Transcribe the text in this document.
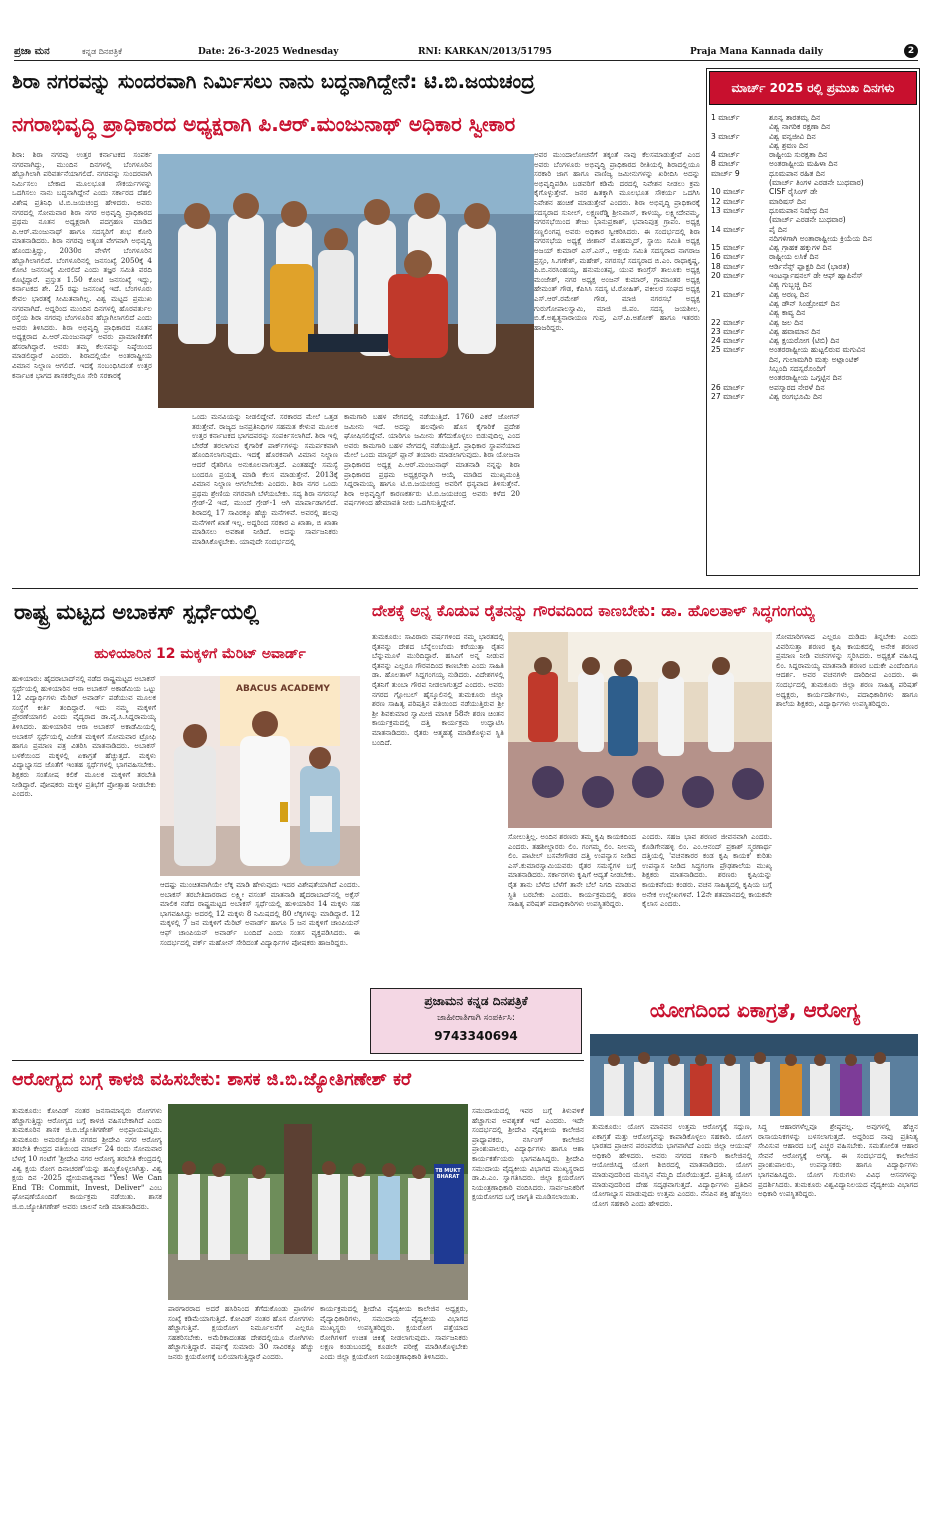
ಪ್ರಜಾ ಮನ	ಕನ್ನಡ ದಿನಪತ್ರಿಕೆ	Date: 26-3-2025 Wednesday	RNI: KARKAN/2013/51795	Praja Mana Kannada daily	2
ಶಿರಾ ನಗರವನ್ನು ಸುಂದರವಾಗಿ ನಿರ್ಮಿಸಲು ನಾನು ಬದ್ಧನಾಗಿದ್ದೇನೆ: ಟಿ.ಬಿ.ಜಯಚಂದ್ರ
ನಗರಾಭಿವೃದ್ಧಿ ಪ್ರಾಧಿಕಾರದ ಅಧ್ಯಕ್ಷರಾಗಿ ಪಿ.ಆರ್.ಮಂಜುನಾಥ್ ಅಧಿಕಾರ ಸ್ವೀಕಾರ
ಶಿರಾ: ಶಿರಾ ನಗರವು ಉತ್ತರ ಕರ್ನಾಟಕದ ಸಂಪರ್ಕ ನಗರವಾಗಿದ್ದು, ಮುಂದಿನ ದಿನಗಳಲ್ಲಿ ಬೆಂಗಳೂರಿನ ಹೆಬ್ಬಾಗಿಲಾಗಿ ಪರಿವರ್ತನೆಯಾಗಲಿದೆ. ನಗರವನ್ನು ಸುಂದರವಾಗಿ ನಿರ್ಮಿಸಲು ಬೇಕಾದ ಮೂಲಭೂತ ಸೌಕರ್ಯಗಳನ್ನು ಒದಗಿಸಲು ನಾನು ಬದ್ಧನಾಗಿದ್ದೇನೆ ಎಂದು ಸರ್ಕಾರದ ದೆಹಲಿ ವಿಶೇಷ ಪ್ರತಿನಿಧಿ ಟಿ.ಬಿ.ಜಯಚಂದ್ರ ಹೇಳಿದರು. ಅವರು ನಗರದಲ್ಲಿ ಸೋಮವಾರ ಶಿರಾ ನಗರ ಅಭಿವೃದ್ಧಿ ಪ್ರಾಧಿಕಾರದ ಪ್ರಥಮ ನೂತನ ಅಧ್ಯಕ್ಷರಾಗಿ ಪದಗ್ರಹಣ ಮಾಡಿದ ಪಿ.ಆರ್.ಮಂಜುನಾಥ್ ಹಾಗೂ ಸದಸ್ಯರಿಗೆ ಶುಭ ಕೋರಿ ಮಾತನಾಡಿದರು. ಶಿರಾ ನಗರವು ಅತ್ಯಂತ ವೇಗವಾಗಿ ಅಭಿವೃದ್ಧಿ ಹೊಂದುತ್ತಿದ್ದು, 2030ರ ವೇಳೆಗೆ ಬೆಂಗಳೂರಿನ ಹೆಬ್ಬಾಗಿಲಾಗಲಿದೆ. ಬೆಂಗಳೂರಿನಲ್ಲಿ ಜನಸಂಖ್ಯೆ 2050ಕ್ಕೆ 4 ಕೋಟಿ ಜನಸಂಖ್ಯೆ ಮೀರಲಿದೆ ಎಂದು ತಜ್ಞರ ಸಮಿತಿ ವರದಿ ಕೊಟ್ಟಿದ್ದಾರೆ. ಪ್ರಸ್ತುತ 1.50 ಕೋಟಿ ಜನಸಂಖ್ಯೆ ಇದ್ದು, ಕರ್ನಾಟಕದ ಶೇ. 25 ರಷ್ಟು ಜನಸಂಖ್ಯೆ ಇದೆ. ಬೆಂಗಳೂರು ಕೇವಲ ಭಾರತಕ್ಕೆ ಸೀಮಿತವಾಗಿಲ್ಲ. ವಿಶ್ವ ಮಟ್ಟದ ಪ್ರಮುಖ ನಗರವಾಗಿದೆ. ಅದ್ದರಿಂದ ಮುಂದಿನ ದಿನಗಳಲ್ಲಿ ಹೊರವರ್ತುಲ ರಸ್ತೆಯ ಶಿರಾ ನಗರವು ಬೆಂಗಳೂರಿನ ಹೆಬ್ಬಾಗಿಲಾಗಲಿದೆ ಎಂದು ಅವರು ತಿಳಿಸಿದರು. ಶಿರಾ ಅಭಿವೃದ್ಧಿ ಪ್ರಾಧಿಕಾರದ ನೂತನ ಅಧ್ಯಕ್ಷರಾದ ಪಿ.ಆರ್.ಮಂಜುನಾಥ್ ಅವರು ಪ್ರಾಮಾಣಿಕತೆಗೆ ಹೆಸರಾಗಿದ್ದಾರೆ. ಅವರು ತಮ್ಮ ಕೆಲಸವನ್ನು ನಿಷ್ಠೆಯಿಂದ ಮಾಡಲಿದ್ದಾರೆ ಎಂದರು. ಶಿರಾದಲ್ಲಿಯೇ ಅಂತರಾಷ್ಟ್ರೀಯ ವಿಮಾನ ನಿಲ್ದಾಣ ಆಗಲಿದೆ. ಇದಕ್ಕೆ ಸಂಬಂಧಿಸಿದಂತೆ ಉತ್ತರ ಕರ್ನಾಟಕ ಭಾಗದ ಶಾಸಕರೆಲ್ಲರೂ ಸೇರಿ ಸರಕಾರಕ್ಕೆ
ಒಂದು ಮನವಿಯನ್ನು ನೀಡಲಿದ್ದೇವೆ. ಸರಕಾರದ ಮೇಲೆ ಒತ್ತಡ ತರುತ್ತೇವೆ. ರಾಜ್ಯದ ಜನಪ್ರತಿನಿಧಿಗಳ ಸಹಮತ ಕೇಳುವ ಮೂಲಕ ಉತ್ತರ ಕರ್ನಾಟಕದ ಭಾಗದವರನ್ನು ಸಂಪರ್ಕಿಸಲಾಗಿದೆ. ಶಿರಾ ಇಲ್ಲಿ ಬೇರೆಡೆ ತರಲಾಗುವ ಕೈಗಾರಿಕೆ ಪಾರ್ಕ್‌ಗಳನ್ನು ಸಮರ್ಪಕವಾಗಿ ಹೊಂದಿಸಲಾಗುವುದು. ಇದಕ್ಕೆ ಹೊರಕನಾಗಿ ವಿಮಾನ ನಿಲ್ದಾಣ ಆದರೆ ರೈತರಿಗೂ ಅನುಕೂಲವಾಗುತ್ತದೆ. ಎಂತಹದ್ದೇ ಸಮಸ್ಯೆ ಬಂದರೂ ಪ್ರಯತ್ನ ಮಾಡಿ ಕೆಲಸ ಮಾಡುತ್ತೇನೆ. 2013ಕ್ಕೆ ವಿಮಾನ ನಿಲ್ದಾಣ ಆಗಲೇಬೇಕು ಎಂದರು. ಶಿರಾ ನಗರ ಒಂದು ಪ್ರಥಮ ಶ್ರೇಣಿಯ ನಗರವಾಗಿ ಬೆಳೆಯಬೇಕು. ಸದ್ಯ ಶಿರಾ ನಗರಸಭೆ ಗ್ರೇಡ್-2 ಇದೆ, ಮುಂದೆ ಗ್ರೇಡ್-1 ಆಗಿ ಮಾರ್ಪಾಡಾಗಲಿದೆ. ಶಿರಾದಲ್ಲಿ 17 ಸಾವಿರಕ್ಕೂ ಹೆಚ್ಚು ಮನೆಗಳಿವೆ. ಅವರಲ್ಲಿ ಹಲವು ಮನೆಗಳಿಗೆ ಖಾತೆ ಇಲ್ಲ. ಅದ್ದರಿಂದ ಸರಕಾರ ಎ ಖಾತಾ, ಬಿ ಖಾತಾ ಮಾಡಿಸಲು ಅವಕಾಶ ನೀಡಿದೆ. ಅದನ್ನು ಸಾರ್ವಜನಿಕರು ಮಾಡಿಸಿಕೊಳ್ಳಬೇಕು. ಯಾವುದೇ ಸಂದರ್ಭದಲ್ಲಿ
ಕಾಮಗಾರಿ ಬಹಳ ವೇಗದಲ್ಲಿ ನಡೆಯುತ್ತಿದೆ. 1760 ಎಕರೆ ಜೋಗನ್ ಜಮೀನು ಇದೆ. ಅದನ್ನು ಹಲವೊಳು ಹೊಸ ಕೈಗಾರಿಕೆ ಪ್ರದೇಶ ಘೋಷಿಸಲಿದ್ದೇವೆ. ಯಾರಿಗೂ ಜಮೀನು ತೆಗೆದುಕೊಳ್ಳಲು ಬಿಡುವುದಿಲ್ಲ ಎಂದ ಅವರು ಕಾಮಗಾರಿ ಬಹಳ ವೇಗದಲ್ಲಿ ನಡೆಯುತ್ತಿದೆ. ಪ್ರಾಧಿಕಾರ ಸ್ಥಾಪನೆಯಾದ ಮೇಲೆ ಒಂದು ಮಾಸ್ಟರ್ ಪ್ಲಾನ್ ತಯಾರು ಮಾಡಲಾಗುವುದು. ಶಿರಾ ಯೋಜನಾ ಪ್ರಾಧಿಕಾರದ ಅಧ್ಯಕ್ಷ ಪಿ.ಆರ್.ಮಂಜುನಾಥ್ ಮಾತನಾಡಿ ನನ್ನನ್ನು ಶಿರಾ ಪ್ರಾಧಿಕಾರದ ಪ್ರಥಮ ಅಧ್ಯಕ್ಷರನ್ನಾಗಿ ಆಯ್ಕೆ ಮಾಡಿದ ಮುಖ್ಯಮಂತ್ರಿ ಸಿದ್ದರಾಮಯ್ಯ ಹಾಗೂ ಟಿ.ಬಿ.ಜಯಚಂದ್ರ ಅವರಿಗೆ ಧನ್ಯವಾದ ತಿಳಿಸುತ್ತೇನೆ. ಶಿರಾ ಅಭಿವೃದ್ಧಿಗೆ ಕಾರಣಕರ್ತರು ಟಿ.ಬಿ.ಜಯಚಂದ್ರ ಅವರು ಕಳೆದ 20 ವರ್ಷಗಳಿಂದ ಹೇಮಾವತಿ ನೀರು ಒದಗಿಸುತ್ತಿದ್ದೇವೆ.
ಅವರ ಮುಂದಾಲೋಚನೆಗೆ ತಕ್ಕಂತೆ ನಾವು ಕೆಲಸಮಾಡುತ್ತೇವೆ ಎಂದ ಅವರು ಬೆಂಗಳೂರು ಅಭಿವೃದ್ಧಿ ಪ್ರಾಧಿಕಾರದ ರೀತಿಯಲ್ಲಿ ಶಿರಾದಲ್ಲಿಯೂ ಸರಕಾರಿ ಜಾಗ ಹಾಗೂ ವಾಣಿಜ್ಯ ಜಮೀನುಗಳನ್ನು ಖರೀದಿಸಿ ಅದನ್ನು ಅಭಿವೃದ್ಧಿಪಡಿಸಿ ಬಡವರಿಗೆ ಕಡಿಮೆ ದರದಲ್ಲಿ ನಿವೇಶನ ನೀಡಲು ಕ್ರಮ ಕೈಗೊಳ್ಳುತ್ತೇವೆ. ಜನರ ಹಿತಕ್ಕಾಗಿ ಮೂಲಭೂತ ಸೌಕರ್ಯ ಒದಗಿಸಿ ನಿವೇಶನ ಹಂಚಿಕೆ ಮಾಡುತ್ತೇವೆ ಎಂದರು. ಶಿರಾ ಅಭಿವೃದ್ಧಿ ಪ್ರಾಧಿಕಾರಕ್ಕೆ ಸದಸ್ಯರಾದ ಸುನೀಲ್, ಲಕ್ಷ್ಮಣರೆಡ್ಡಿ ಶ್ರೀನಿವಾಸ್, ಕಾಳಯ್ಯ, ಲಕ್ಷ್ಮೀದೇವಮ್ಮ, ನಗರಸಭೆಯಿಂದ ತೇಜು ಭಾನುಪ್ರಕಾಶ್, ಭವಾನಿಪುತ್ರ ಗ್ರಾಪಂ. ಅಧ್ಯಕ್ಷ ಸಣ್ಣಲಿಂಗಪ್ಪ ಅವರು ಅಧಿಕಾರ ಸ್ವೀಕರಿಸಿದರು. ಈ ಸಂದರ್ಭದಲ್ಲಿ ಶಿರಾ ನಗರಸಭೆಯ ಅಧ್ಯಕ್ಷೆ ಜೀಶಾನ್ ಮೊಹಮ್ಮದ್, ಸ್ಥಾಯಿ ಸಮಿತಿ ಅಧ್ಯಕ್ಷ ಅಜಯ್ ಕುಮಾರ್ ಎಸ್.ಎಸ್., ಆಶ್ರಯ ಸಮಿತಿ ಸದಸ್ಯರಾದ ನಾಗರಾಜ ಪ್ರಸ್ಸಂ, ಸಿ.ಗಣೇಶ್, ಮಹೇಶ್, ನಗರಸಭೆ ಸದಸ್ಯರಾದ ಬಿ.ಎಂ. ರಾಧಾಕೃಷ್ಣ, ಪಿ.ಬಿ.ನರಸಿಂಹಯ್ಯ, ಹನುಮಂತಪ್ಪ, ಯುವ ಕಾಂಗ್ರೆಸ್ ತಾಲೂಕು ಅಧ್ಯಕ್ಷ ಮಂಜೇಶ್, ನಗರ ಅಧ್ಯಕ್ಷ ಅಂಜನ್ ಕುಮಾರ್, ಗ್ರಾಮಾಂತರ ಅಧ್ಯಕ್ಷ ಹೇಮಂತ್ ಗೌಡ, ಕೆಪಿಸಿಸಿ ಸದಸ್ಯ ಟಿ.ರೋಹಿತ್, ವಕೀಲರ ಸಂಘದ ಅಧ್ಯಕ್ಷ ಎಸ್.ಆರ್.ರಮೇಶ್ ಗೌಡ, ಮಾಜಿ ನಗರಸಭೆ ಅಧ್ಯಕ್ಷ ಗುರುಗೋಪಾಲಸ್ವಾಮಿ, ಮಾಜಿ ಜಿ.ಪಂ. ಸದಸ್ಯ ಜಯಶೀಲ, ಬಿ.ಕೆ.ಅಶ್ವತ್ಥನಾರಾಯಣ ಗುಪ್ತ, ಎಸ್.ಪಿ.ಅಶೋಕ್ ಹಾಗೂ ಇತರರು ಹಾಜರಿದ್ದರು.
ಮಾರ್ಚ್ 2025 ರಲ್ಲಿ ಪ್ರಮುಖ ದಿನಗಳು
1 ಮಾರ್ಚ್	ಶೂನ್ಯ ತಾರತಮ್ಯ ದಿನ
ವಿಶ್ವ ನಾಗರಿಕ ರಕ್ಷಣಾ ದಿನ
3 ಮಾರ್ಚ್	ವಿಶ್ವ ವನ್ಯಜೀವಿ ದಿನ
ವಿಶ್ವ ಶ್ರವಣ ದಿನ
4 ಮಾರ್ಚ್	ರಾಷ್ಟ್ರೀಯ ಸುರಕ್ಷತಾ ದಿನ
8 ಮಾರ್ಚ್	ಅಂತರಾಷ್ಟ್ರೀಯ ಮಹಿಳಾ ದಿನ
ಮಾರ್ಚ್ 9	ಧೂಮಪಾನ ರಹಿತ ದಿನ
(ಮಾರ್ಚ್ ತಿಂಗಳ ಎರಡನೇ ಬುಧವಾರ)
10 ಮಾರ್ಚ್	CISF ರೈಸಿಂಗ್ ಡೇ
12 ಮಾರ್ಚ್	ಮಾರಿಷಸ್ ದಿನ
13 ಮಾರ್ಚ್	ಧೂಮಪಾನ ನಿಷೇಧ ದಿನ
(ಮಾರ್ಚ್ ಎರಡನೇ ಬುಧವಾರ)
14 ಮಾರ್ಚ್	ಪೈ ದಿನ
ನದಿಗಳಿಗಾಗಿ ಅಂತಾರಾಷ್ಟ್ರೀಯ ಕ್ರಿಯೆಯ ದಿನ
15 ಮಾರ್ಚ್	ವಿಶ್ವ ಗ್ರಾಹಕ ಹಕ್ಕುಗಳ ದಿನ
16 ಮಾರ್ಚ್	ರಾಷ್ಟ್ರೀಯ ಲಸಿಕೆ ದಿನ
18 ಮಾರ್ಚ್	ಆರ್ಡಿನೆನ್ಸ್ ಫ್ಯಾಕ್ಟರಿ ದಿನ (ಭಾರತ)
20 ಮಾರ್ಚ್	ಇಂಟರ್ನ್ಯಾಷನಲ್ ಡೇ ಆಫ್ ಹ್ಯಾಪಿನೆಸ್
ವಿಶ್ವ ಗುಬ್ಬಚ್ಚಿ ದಿನ
21 ಮಾರ್ಚ್	ವಿಶ್ವ ಅರಣ್ಯ ದಿನ
ವಿಶ್ವ ಡೌನ್ ಸಿಂಡ್ರೋಮ್ ದಿನ
ವಿಶ್ವ ಕಾವ್ಯ ದಿನ
22 ಮಾರ್ಚ್	ವಿಶ್ವ ಜಲ ದಿನ
23 ಮಾರ್ಚ್	ವಿಶ್ವ ಹವಾಮಾನ ದಿನ
24 ಮಾರ್ಚ್	ವಿಶ್ವ ಕ್ಷಯರೋಗ (ಟಿಬಿ) ದಿನ
25 ಮಾರ್ಚ್	ಅಂತರರಾಷ್ಟ್ರೀಯ ಹುಟ್ಟಲಿರುವ ಮಗುವಿನ
ದಿನ, ಗುಲಾಮಗಿರಿ ಮತ್ತು ಅಟ್ಲಾಂಟಿಕ್
ಸಿಬ್ಬಂದಿ ಸದಸ್ಯರೊಂದಿಗೆ
ಅಂತರರಾಷ್ಟ್ರೀಯ ಒಗ್ಗಟ್ಟಿನ ದಿನ
26 ಮಾರ್ಚ್	ಅಪಸ್ಮಾರದ ನೇರಳೆ ದಿನ
27 ಮಾರ್ಚ್	ವಿಶ್ವ ರಂಗಭೂಮಿ ದಿನ
ರಾಷ್ಟ್ರ ಮಟ್ಟದ ಅಬಾಕಸ್ ಸ್ಪರ್ಧೆಯಲ್ಲಿ
ಹುಳಿಯಾರಿನ 12 ಮಕ್ಕಳಿಗೆ ಮೆರಿಟ್ ಅವಾರ್ಡ್
ಹುಳಿಯಾರು: ಹೈದರಾಬಾದ್‌ನಲ್ಲಿ ನಡೆದ ರಾಷ್ಟ್ರಮಟ್ಟದ ಅಬಾಕಸ್ ಸ್ಪರ್ಧೆಯಲ್ಲಿ ಹುಳಿಯಾರಿನ ಆರಾ ಅಬಾಕಸ್ ಅಕಾಡೆಮಿಯ ಒಟ್ಟು 12 ವಿದ್ಯಾರ್ಥಿಗಳು ಮೆರಿಟ್ ಅವಾರ್ಡ್ ಪಡೆಯುವ ಮೂಲಕ ಸಂಸ್ಥೆಗೆ ಕೀರ್ತಿ ತಂದಿದ್ದಾರೆ. ಇದು ನಮ್ಮ ಮಕ್ಕಳಿಗೆ ಪ್ರೇರಣೆಯಾಗಲಿ ಎಂದು ವೈದ್ಯರಾದ ಡಾ.ವೈ.ಸಿ.ಸಿದ್ದರಾಮಯ್ಯ ತಿಳಿಸಿದರು. ಹುಳಿಯಾರಿನ ಆರಾ ಅಬಾಕಸ್ ಅಕಾಡೆಮಿಯಲ್ಲಿ ಅಬಾಕಸ್ ಸ್ಪರ್ಧೆಯಲ್ಲಿ ವಿಜೇತ ಮಕ್ಕಳಿಗೆ ಸೋಮವಾರ ಟ್ರೋಫಿ ಹಾಗೂ ಪ್ರಮಾಣ ಪತ್ರ ವಿತರಿಸಿ ಮಾತನಾಡಿದರು. ಅಬಾಕಸ್ ಬಳಕೆಯಿಂದ ಮಕ್ಕಳಲ್ಲಿ ಏಕಾಗ್ರತೆ ಹೆಚ್ಚುತ್ತದೆ. ಮಕ್ಕಳು ವಿದ್ಯಾಭ್ಯಾಸದ ಜೊತೆಗೆ ಇಂತಹ ಸ್ಪರ್ಧೆಗಳಲ್ಲಿ ಭಾಗವಹಿಸಬೇಕು. ಶಿಕ್ಷಕರು ಸಂತೋಷ ಕಲಿಕೆ ಮೂಲಕ ಮಕ್ಕಳಿಗೆ ತರಬೇತಿ ನೀಡಿದ್ದಾರೆ. ಪೋಷಕರು ಮಕ್ಕಳ ಪ್ರತಿಭೆಗೆ ಪ್ರೋತ್ಸಾಹ ನೀಡಬೇಕು ಎಂದರು.
ABACUS ACADEMY
ಆದಷ್ಟು ಮುಂಚಿತವಾಗಿಯೇ ಲೆಕ್ಕ ಮಾಡಿ ಹೇಳುವುದು ಇದರ ವಿಶೇಷತೆಯಾಗಿದೆ ಎಂದರು. ಅಬಾಕಸ್ ತರಬೇತಿದಾರರಾದ ಲಕ್ಷ್ಮೀ ವಸಂತ್ ಮಾತನಾಡಿ ಹೈದರಾಬಾದ್‌ನಲ್ಲಿ ಅಕ್ಸೆಸ್ ಮಾಲಿಕ ನಡೆದ ರಾಷ್ಟ್ರಮಟ್ಟದ ಅಬಾಕಸ್ ಸ್ಪರ್ಧೆಯಲ್ಲಿ ಹುಳಿಯಾರಿನ 14 ಮಕ್ಕಳು ಸಹ ಭಾಗವಹಿಸಿದ್ದು ಅದರಲ್ಲಿ 12 ಮಕ್ಕಳು 8 ನಿಮಿಷದಲ್ಲಿ 80 ಲೆಕ್ಕಗಳನ್ನು ಮಾಡಿದ್ದಾರೆ. 12 ಮಕ್ಕಳಲ್ಲಿ 7 ಜನ ಮಕ್ಕಳಿಗೆ ಮೆರಿಟ್ ಅವಾರ್ಡ್ ಹಾಗೂ 5 ಜನ ಮಕ್ಕಳಿಗೆ ಚಾಂಪಿಯನ್ ಆಫ್ ಚಾಂಪಿಯನ್ ಅವಾರ್ಡ್ ಬಂದಿದೆ ಎಂದು ಸಂತಸ ವ್ಯಕ್ತಪಡಿಸಿದರು. ಈ ಸಂದರ್ಭದಲ್ಲಿ ವರ್ಕ್ ಮಹೋನ್ ಸೇರಿದಂತೆ ವಿದ್ಯಾರ್ಥಿಗಳ ಪೋಷಕರು ಹಾಜರಿದ್ದರು.
ದೇಶಕ್ಕೆ ಅನ್ನ ಕೊಡುವ ರೈತನನ್ನು ಗೌರವದಿಂದ ಕಾಣಬೇಕು: ಡಾ. ಹೊಲತಾಳ್ ಸಿದ್ಧಗಂಗಯ್ಯ
ತುಮಕೂರು: ಸಾವಿರಾರು ವರ್ಷಗಳಿಂದ ನಮ್ಮ ಭಾರತದಲ್ಲಿ ರೈತನನ್ನು ದೇಶದ ಬೆನ್ನೆಲುಬೆಂದು ಕರೆಯುತ್ತಾ ರೈತನ ಬೆನ್ನುಮೂಳೆ ಮುರಿದಿದ್ದಾರೆ. ಹಸಿವಿಗೆ ಅನ್ನ ನೀಡುವ ರೈತನನ್ನು ಎಲ್ಲರೂ ಗೌರವದಿಂದ ಕಾಣಬೇಕು ಎಂದು ಸಾಹಿತಿ ಡಾ. ಹೊಲತಾಳ್ ಸಿದ್ದಗಂಗಯ್ಯ ನುಡಿದರು. ವಿದೇಶಗಳಲ್ಲಿ ರೈತನಿಗೆ ತುಂಬಾ ಗೌರವ ನೀಡಲಾಗುತ್ತದೆ ಎಂದರು. ಅವರು ನಗರದ ಗ್ಲೋಬಲ್ ಹೈಸ್ಕೂಲಿನಲ್ಲಿ ತುಮಕೂರು ಜಿಲ್ಲಾ ಶರಣ ಸಾಹಿತ್ಯ ಪರಿಷತ್ತಿನ ವತಿಯಿಂದ ನಡೆಯುತ್ತಿರುವ ಶ್ರೀ ಶ್ರೀ ಶಿವಕುಮಾರ ಸ್ವಾಮೀಜಿ ಮಾಸಿಕ 58ನೇ ಶರಣ ಚಿಂತನ ಕಾರ್ಯಕ್ರಮದಲ್ಲಿ ದತ್ತಿ ಕಾರ್ಯಕ್ರಮ ಉದ್ಘಾಟಿಸಿ ಮಾತನಾಡಿದರು. ರೈತರು ಆತ್ಮಹತ್ಯೆ ಮಾಡಿಕೊಳ್ಳುವ ಸ್ಥಿತಿ ಬಂದಿದೆ.
ಸೋಮಾರಿಗಳಾದ ಎಲ್ಲರೂ ದುಡಿದು ತಿನ್ನಬೇಕು ಎಂದು ವಿವರಿಸುತ್ತಾ ಶರಣರ ಕೃಷಿ ಕಾಯಕದಲ್ಲಿ ಅನೇಕ ಶರಣರ ಪ್ರಮಾಣ ನೀಡಿ ವಚನಗಳನ್ನು ಸ್ಮರಿಸಿದರು. ಅಧ್ಯಕ್ಷತೆ ವಹಿಸಿದ್ದ ಲಿಂ. ಸಿದ್ದರಾಮಯ್ಯ ಮಾತನಾಡಿ ಶರಣರ ಬದುಕೇ ಎಂದೆಂದಿಗೂ ಆದರ್ಶ. ಅವರ ವಚನಗಳೇ ದಾರಿದೀಪ ಎಂದರು. ಈ ಸಂದರ್ಭದಲ್ಲಿ ತುಮಕೂರು ಜಿಲ್ಲಾ ಶರಣ ಸಾಹಿತ್ಯ ಪರಿಷತ್ ಅಧ್ಯಕ್ಷರು, ಕಾರ್ಯದರ್ಶಿಗಳು, ಪದಾಧಿಕಾರಿಗಳು ಹಾಗೂ ಶಾಲೆಯ ಶಿಕ್ಷಕರು, ವಿದ್ಯಾರ್ಥಿಗಳು ಉಪಸ್ಥಿತರಿದ್ದರು.
ಸೋಲುತ್ತಿಲ್ಲ. ಅಂದಿನ ಶರಣರು ತಮ್ಮ ಕೃಷಿ ಕಾಯಕದಿಂದ ಎಂದರು. ತಹಶೀಲ್ದಾರರು ಲಿಂ. ಗಂಗಮ್ಮ ಲಿಂ. ನೀಲಮ್ಮ ಲಿಂ. ಪಾಟೀಲ್ ಬಸವೇಗೌಡರ ದತ್ತಿ ಉಪನ್ಯಾಸ ನೀಡಿದ ಎಸ್.ಕುಮಾರಸ್ವಾಮಿಯವರು ರೈತರ ಸಮಸ್ಯೆಗಳ ಬಗ್ಗೆ ಮಾತನಾಡಿದರು. ಸರ್ಕಾರಗಳು ಕೃಷಿಗೆ ಆದ್ಯತೆ ನೀಡಬೇಕು. ರೈತ ತಾನು ಬೆಳೆದ ಬೆಳೆಗೆ ತಾನೇ ಬೆಲೆ ನಿಗದಿ ಮಾಡುವ ಸ್ಥಿತಿ ಬರಬೇಕು ಎಂದರು. ಕಾರ್ಯಕ್ರಮದಲ್ಲಿ ಶರಣ ಸಾಹಿತ್ಯ ಪರಿಷತ್ ಪದಾಧಿಕಾರಿಗಳು ಉಪಸ್ಥಿತರಿದ್ದರು.
ಎಂದರು. ಸಹಜ ಭಾವ ಶರಣರ ಜೀವನವಾಗಿ ಎಂದರು. ಕೊಡಿಗೇನಹಳ್ಳಿ ಲಿಂ. ಎಂ.ಆನಂದ್ ಪ್ರಕಾಶ್ ಸ್ಮರಣಾರ್ಥ ದತ್ತಿಯಲ್ಲಿ 'ವಚನಕಾರರ ಕಂಡ ಕೃಷಿ ಕಾಯಕ' ಕುರಿತು ಉಪನ್ಯಾಸ ನೀಡಿದ ಸಿದ್ಧಗಂಗಾ ಪ್ರೌಢಶಾಲೆಯ ಮುಖ್ಯ ಶಿಕ್ಷಕರು ಮಾತನಾಡಿದರು. ಶರಣರು ಕೃಷಿಯನ್ನು ಕಾಯಕವೆಂದು ಕಂಡರು. ವಚನ ಸಾಹಿತ್ಯದಲ್ಲಿ ಕೃಷಿಯ ಬಗ್ಗೆ ಅನೇಕ ಉಲ್ಲೇಖಗಳಿವೆ. 12ನೇ ಶತಮಾನದಲ್ಲಿ ಕಾಯಕವೇ ಕೈಲಾಸ ಎಂದರು.
ಪ್ರಜಾಮನ ಕನ್ನಡ ದಿನಪತ್ರಿಕೆ
ಜಾಹೀರಾತಿಗಾಗಿ ಸಂಪರ್ಕಿಸಿ:
9743340694
ಯೋಗದಿಂದ ಏಕಾಗ್ರತೆ, ಆರೋಗ್ಯ
ತುಮಕೂರು: ಯೋಗ ಮಾನವನ ಉತ್ತಮ ಆರೋಗ್ಯಕ್ಕೆ ಸದ್ಗುಣ, ಏಕಾಗ್ರತೆ ಮತ್ತು ಆರೋಗ್ಯವನ್ನು ಕಾಪಾಡಿಕೊಳ್ಳಲು ಸಹಕಾರಿ. ಯೋಗ ಭಾರತದ ಪ್ರಾಚೀನ ಪರಂಪರೆಯ ಭಾಗವಾಗಿದೆ ಎಂದು ಜಿಲ್ಲಾ ಆಯುಷ್ ಅಧಿಕಾರಿ ಹೇಳಿದರು. ಅವರು ನಗರದ ಸರ್ಕಾರಿ ಕಾಲೇಜಿನಲ್ಲಿ ಆಯೋಜಿಸಿದ್ದ ಯೋಗ ಶಿಬಿರದಲ್ಲಿ ಮಾತನಾಡಿದರು. ಯೋಗ ಮಾಡುವುದರಿಂದ ಮನಸ್ಸಿನ ನೆಮ್ಮದಿ ದೊರೆಯುತ್ತದೆ. ಪ್ರತಿನಿತ್ಯ ಯೋಗ ಮಾಡುವುದರಿಂದ ದೇಹ ಸದೃಢವಾಗುತ್ತದೆ. ವಿದ್ಯಾರ್ಥಿಗಳು ಪ್ರತಿದಿನ ಯೋಗಾಭ್ಯಾಸ ಮಾಡುವುದು ಉತ್ತಮ ಎಂದರು. ನೆನಪಿನ ಶಕ್ತಿ ಹೆಚ್ಚಿಸಲು ಯೋಗ ಸಹಕಾರಿ ಎಂದು ಹೇಳಿದರು.
ಸಿದ್ಧ ಆಹಾರಗಳೆಲ್ಲವೂ ಶ್ರೇಷ್ಠವಲ್ಲ. ಅವುಗಳಲ್ಲಿ ಹೆಚ್ಚಿನ ರಾಸಾಯನಿಕಗಳನ್ನು ಬಳಸಲಾಗುತ್ತದೆ. ಅದ್ದರಿಂದ ನಾವು ಪ್ರತಿನಿತ್ಯ ಸೇವಿಸುವ ಆಹಾರದ ಬಗ್ಗೆ ಎಚ್ಚರ ವಹಿಸಬೇಕು. ಸಮತೋಲಿತ ಆಹಾರ ಸೇವನೆ ಆರೋಗ್ಯಕ್ಕೆ ಅಗತ್ಯ. ಈ ಸಂದರ್ಭದಲ್ಲಿ ಕಾಲೇಜಿನ ಪ್ರಾಂಶುಪಾಲರು, ಉಪನ್ಯಾಸಕರು ಹಾಗೂ ವಿದ್ಯಾರ್ಥಿಗಳು ಭಾಗವಹಿಸಿದ್ದರು. ಯೋಗ ಗುರುಗಳು ವಿವಿಧ ಆಸನಗಳನ್ನು ಪ್ರದರ್ಶಿಸಿದರು. ತುಮಕೂರು ವಿಶ್ವವಿದ್ಯಾನಿಲಯದ ವೈದ್ಯಕೀಯ ವಿಭಾಗದ ಅಧಿಕಾರಿ ಉಪಸ್ಥಿತರಿದ್ದರು.
ಆರೋಗ್ಯದ ಬಗ್ಗೆ ಕಾಳಜಿ ವಹಿಸಬೇಕು: ಶಾಸಕ ಜಿ.ಬಿ.ಜ್ಯೋತಿಗಣೇಶ್ ಕರೆ
ತುಮಕೂರು: ಕೋವಿಡ್ ನಂತರ ಜನಸಾಮಾನ್ಯರು ರೋಗಗಳು ಹೆಚ್ಚಾಗುತ್ತಿದ್ದು ಆರೋಗ್ಯದ ಬಗ್ಗೆ ಕಾಳಜಿ ವಹಿಸಬೇಕಾಗಿದೆ ಎಂದು ತುಮಕೂರಿನ ಶಾಸಕ ಜಿ.ಬಿ.ಜ್ಯೋತಿಗಣೇಶ್ ಅಭಿಪ್ರಾಯಪಟ್ಟರು. ತುಮಕೂರು ಅಮರಜ್ಯೋತಿ ನಗರದ ಶ್ರೀದೇವಿ ನಗರ ಆರೋಗ್ಯ ತರಬೇತಿ ಕೇಂದ್ರದ ವತಿಯಿಂದ ಮಾರ್ಚ್ 24 ರಂದು ಸೋಮವಾರ ಬೆಳಗ್ಗೆ 10 ಗಂಟೆಗೆ 'ಶ್ರೀದೇವಿ ನಗರ ಆರೋಗ್ಯ ತರಬೇತಿ ಕೇಂದ್ರದಲ್ಲಿ ವಿಶ್ವ ಕ್ಷಯ ರೋಗ ದಿನಾಚರಣೆ'ಯನ್ನು ಹಮ್ಮಿಕೊಳ್ಳಲಾಗಿತ್ತು. ವಿಶ್ವ ಕ್ಷಯ ದಿನ -2025 ಧ್ಯೇಯವಾಕ್ಯವಾದ "Yes! We Can End TB: Commit, Invest, Deliver" ಎಂಬ ಘೋಷಣೆಯೊಂದಿಗೆ ಕಾರ್ಯಕ್ರಮ ನಡೆಯಿತು. ಶಾಸಕ ಜಿ.ಬಿ.ಜ್ಯೋತಿಗಣೇಶ್ ಅವರು ಚಾಲನೆ ನೀಡಿ ಮಾತನಾಡಿದರು.
TB MUKT BHARAT
ಪಾಠಗಾರರಾದ ಅದರೆ ಹಸಿರಿನಿಂದ ತೆಗೆದುಕೊಂಡು ಪ್ರಾಣಿಗಳ ಸಂಖ್ಯೆ ಕಡಿಮೆಯಾಗುತ್ತಿದೆ. ಕೋವಿಡ್ ನಂತರ ಹೊಸ ರೋಗಗಳು ಹೆಚ್ಚಾಗುತ್ತಿವೆ. ಕ್ಷಯರೋಗ ನಿರ್ಮೂಲನೆಗೆ ಎಲ್ಲರೂ ಸಹಕರಿಸಬೇಕು. ಅಮೆರಿಕಾದಂತಹ ದೇಶದಲ್ಲಿಯೂ ರೋಗಿಗಳು ಹೆಚ್ಚಾಗುತ್ತಿದ್ದಾರೆ. ವರ್ಷಕ್ಕೆ ಸುಮಾರು 30 ಸಾವಿರಕ್ಕೂ ಹೆಚ್ಚು ಜನರು ಕ್ಷಯರೋಗಕ್ಕೆ ಬಲಿಯಾಗುತ್ತಿದ್ದಾರೆ ಎಂದರು.
ಕಾರ್ಯಕ್ರಮದಲ್ಲಿ ಶ್ರೀದೇವಿ ವೈದ್ಯಕೀಯ ಕಾಲೇಜಿನ ಅಧ್ಯಕ್ಷರು, ವೈದ್ಯಾಧಿಕಾರಿಗಳು, ಸಮುದಾಯ ವೈದ್ಯಕೀಯ ವಿಭಾಗದ ಮುಖ್ಯಸ್ಥರು ಉಪಸ್ಥಿತರಿದ್ದರು. ಕ್ಷಯರೋಗ ಪತ್ತೆಯಾದ ರೋಗಿಗಳಿಗೆ ಉಚಿತ ಚಿಕಿತ್ಸೆ ನೀಡಲಾಗುವುದು. ಸಾರ್ವಜನಿಕರು ಲಕ್ಷಣ ಕಂಡುಬಂದಲ್ಲಿ ಕೂಡಲೇ ಪರೀಕ್ಷೆ ಮಾಡಿಸಿಕೊಳ್ಳಬೇಕು ಎಂದು ಜಿಲ್ಲಾ ಕ್ಷಯರೋಗ ನಿಯಂತ್ರಣಾಧಿಕಾರಿ ತಿಳಿಸಿದರು.
ಸಮುದಾಯದಲ್ಲಿ ಇವರ ಬಗ್ಗೆ ತಿಳುವಳಿಕೆ ಹೆಚ್ಚಾಗುವ ಅವಶ್ಯಕತೆ ಇದೆ ಎಂದರು. ಇದೇ ಸಂದರ್ಭದಲ್ಲಿ ಶ್ರೀದೇವಿ ವೈದ್ಯಕೀಯ ಕಾಲೇಜಿನ ಪ್ರಾಧ್ಯಾಪಕರು, ನರ್ಸಿಂಗ್ ಕಾಲೇಜಿನ ಪ್ರಾಂಶುಪಾಲರು, ವಿದ್ಯಾರ್ಥಿಗಳು ಹಾಗೂ ಆಶಾ ಕಾರ್ಯಕರ್ತೆಯರು ಭಾಗವಹಿಸಿದ್ದರು. ಶ್ರೀದೇವಿ ಸಮುದಾಯ ವೈದ್ಯಕೀಯ ವಿಭಾಗದ ಮುಖ್ಯಸ್ಥರಾದ ಡಾ.ಪಿ.ಎಂ. ಸ್ವಾಗತಿಸಿದರು. ಜಿಲ್ಲಾ ಕ್ಷಯರೋಗ ನಿಯಂತ್ರಣಾಧಿಕಾರಿ ವಂದಿಸಿದರು. ಸಾರ್ವಜನಿಕರಿಗೆ ಕ್ಷಯರೋಗದ ಬಗ್ಗೆ ಜಾಗೃತಿ ಮೂಡಿಸಲಾಯಿತು.
